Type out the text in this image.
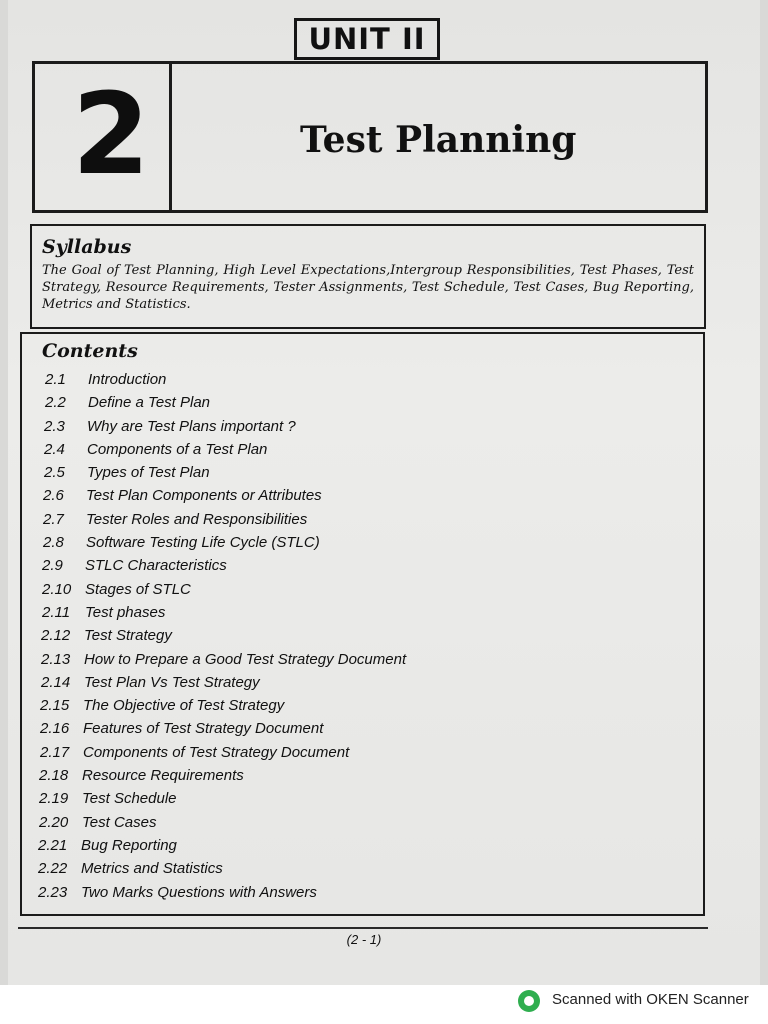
UNIT II
2	Test Planning
Syllabus
The Goal of Test Planning, High Level Expectations,Intergroup Responsibilities, Test Phases, Test Strategy, Resource Requirements, Tester Assignments, Test Schedule, Test Cases, Bug Reporting, Metrics and Statistics.
Contents
2.1 Introduction
2.2 Define a Test Plan
2.3 Why are Test Plans important ?
2.4 Components of a Test Plan
2.5 Types of Test Plan
2.6 Test Plan Components or Attributes
2.7 Tester Roles and Responsibilities
2.8 Software Testing Life Cycle (STLC)
2.9 STLC Characteristics
2.10 Stages of STLC
2.11 Test phases
2.12 Test Strategy
2.13 How to Prepare a Good Test Strategy Document
2.14 Test Plan Vs Test Strategy
2.15 The Objective of Test Strategy
2.16 Features of Test Strategy Document
2.17 Components of Test Strategy Document
2.18 Resource Requirements
2.19 Test Schedule
2.20 Test Cases
2.21 Bug Reporting
2.22 Metrics and Statistics
2.23 Two Marks Questions with Answers
(2 - 1)
Scanned with OKEN Scanner
